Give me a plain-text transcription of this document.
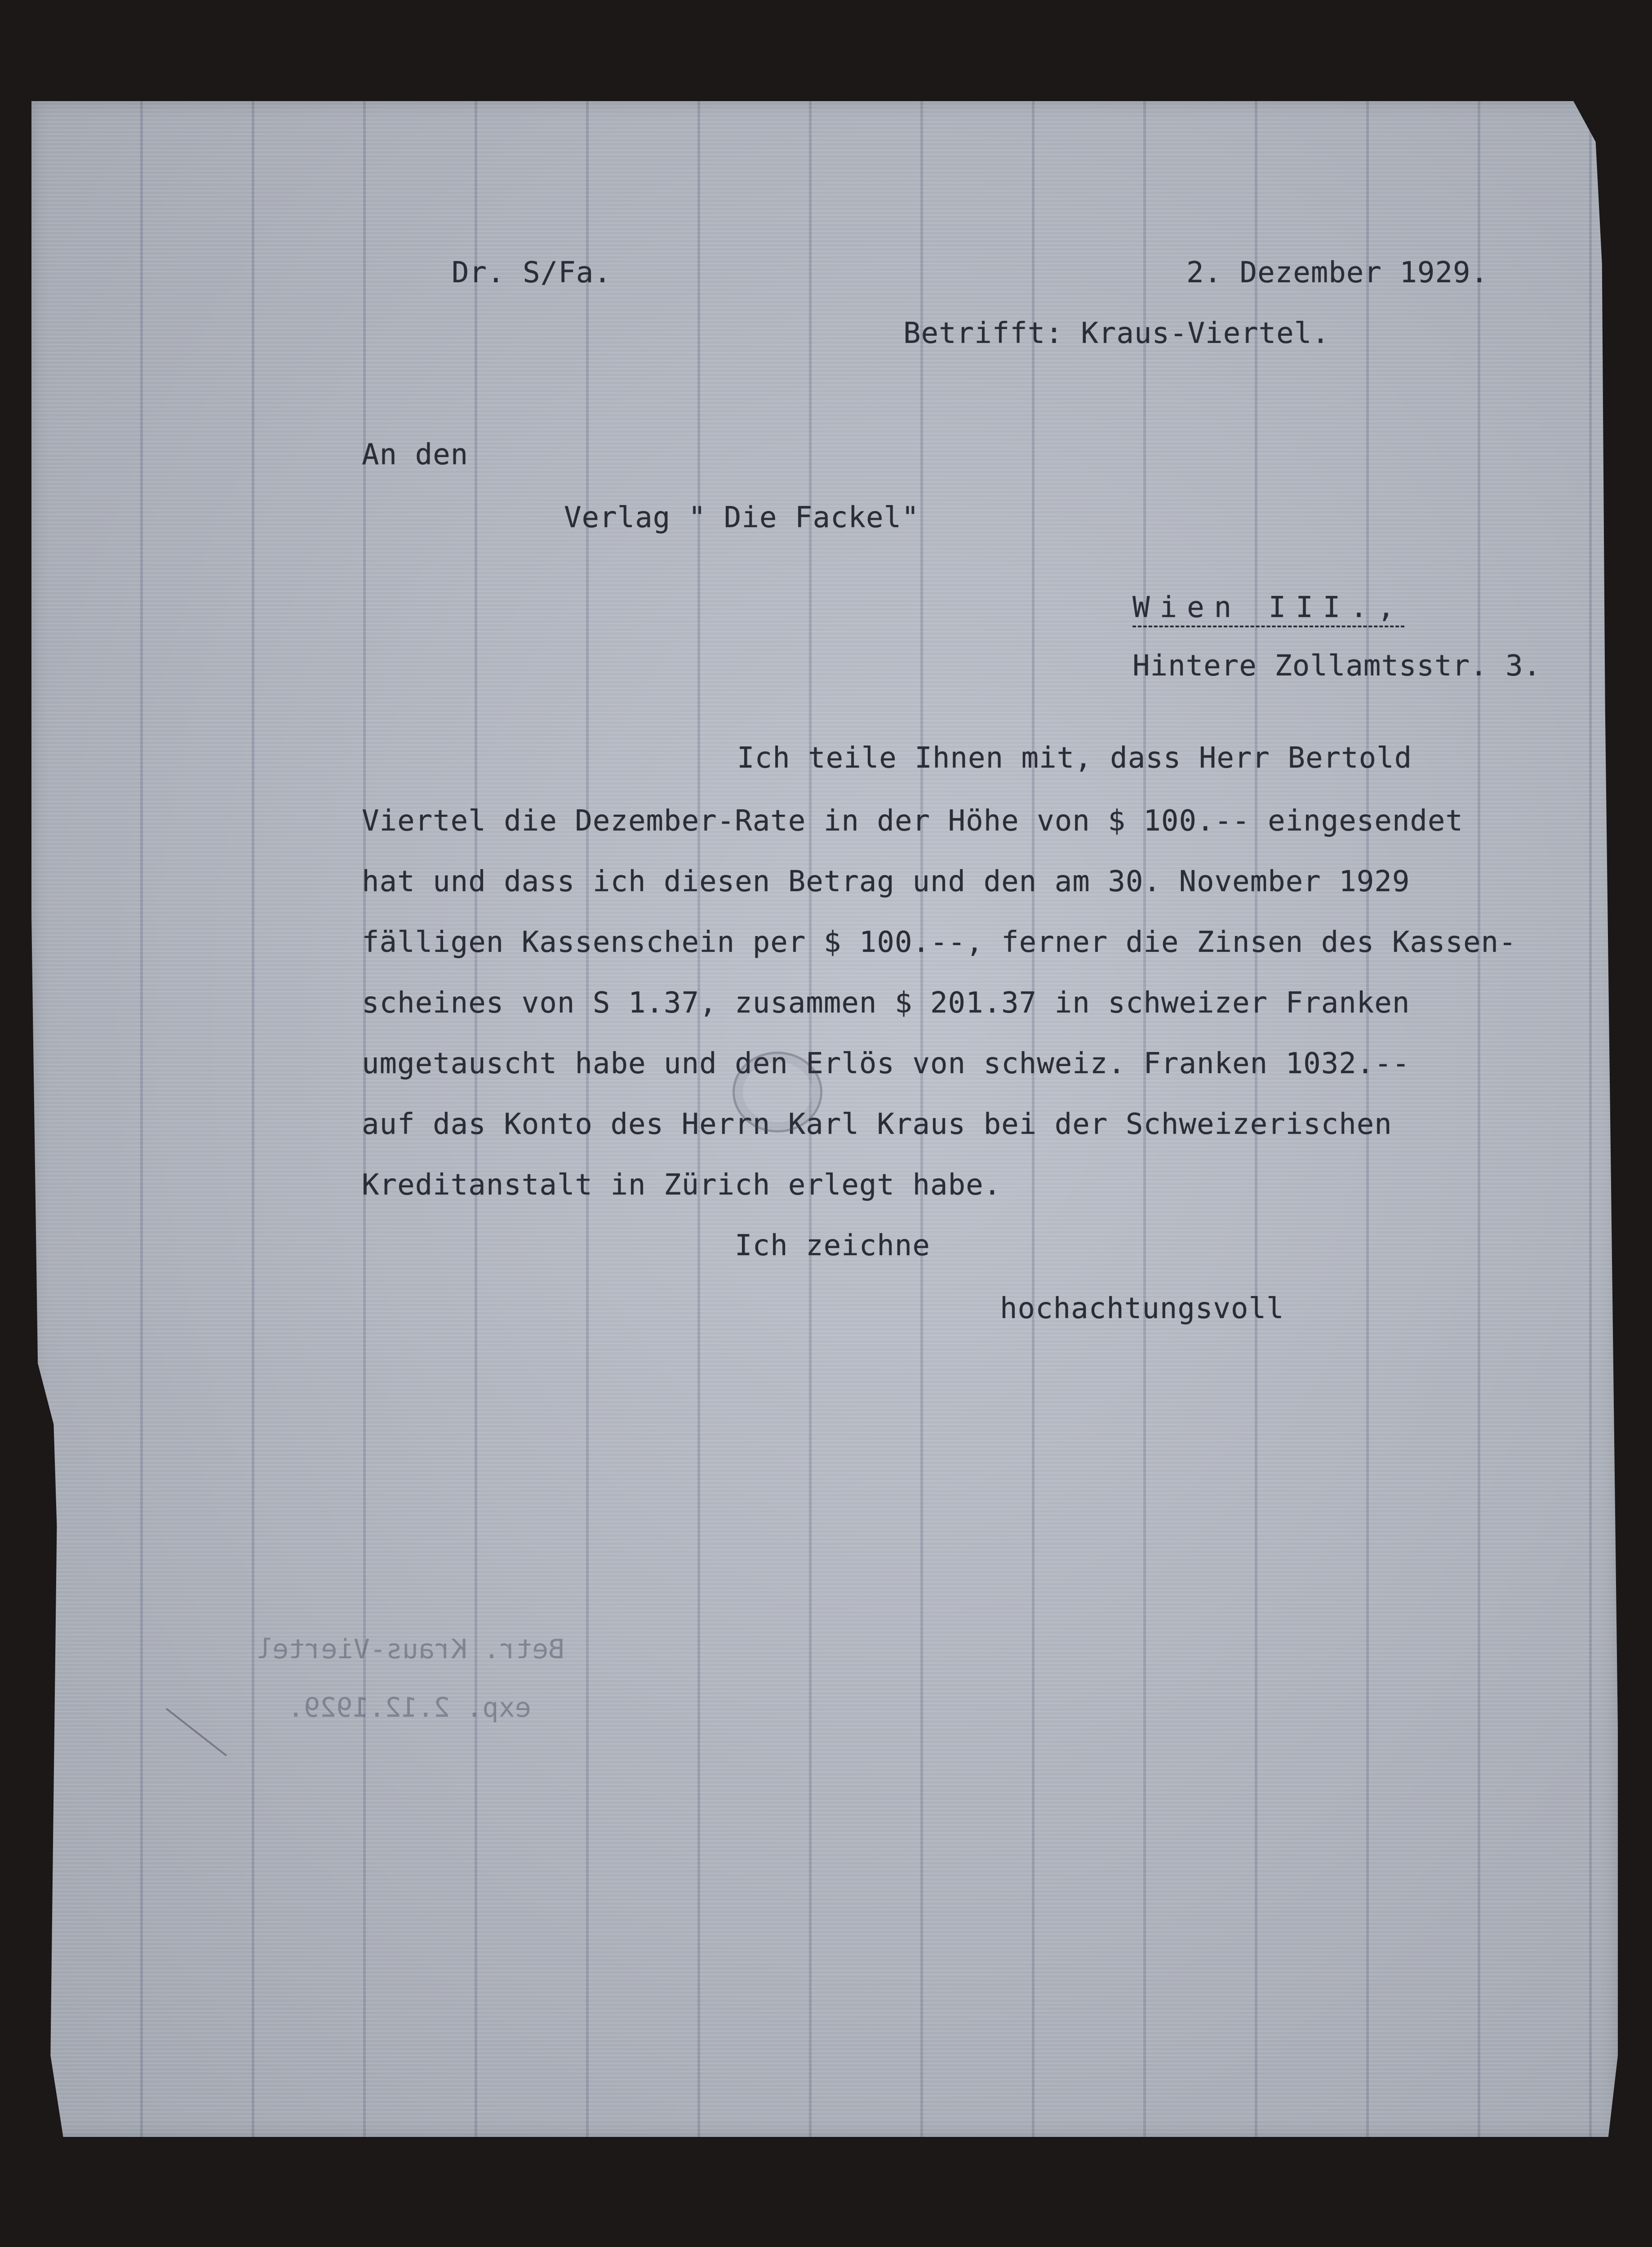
Dr. S/Fa.	2. Dezember 1929.
Betrifft: Kraus-Viertel.
An den
Verlag " Die Fackel"
Wien III.,
Hintere Zollamtsstr. 3.
Ich teile Ihnen mit, dass Herr Bertold
Viertel die Dezember-Rate in der Höhe von $ 100.-- eingesendet
hat und dass ich diesen Betrag und den am 30. November 1929
fälligen Kassenschein per $ 100.--, ferner die Zinsen des Kassen-
scheines von S 1.37, zusammen $ 201.37 in schweizer Franken
umgetauscht habe und den Erlös von schweiz. Franken 1032.--
auf das Konto des Herrn Karl Kraus bei der Schweizerischen
Kreditanstalt in Zürich erlegt habe.
Ich zeichne
hochachtungsvoll
Betr. Kraus-Viertel
exp. 2.12.1929.
